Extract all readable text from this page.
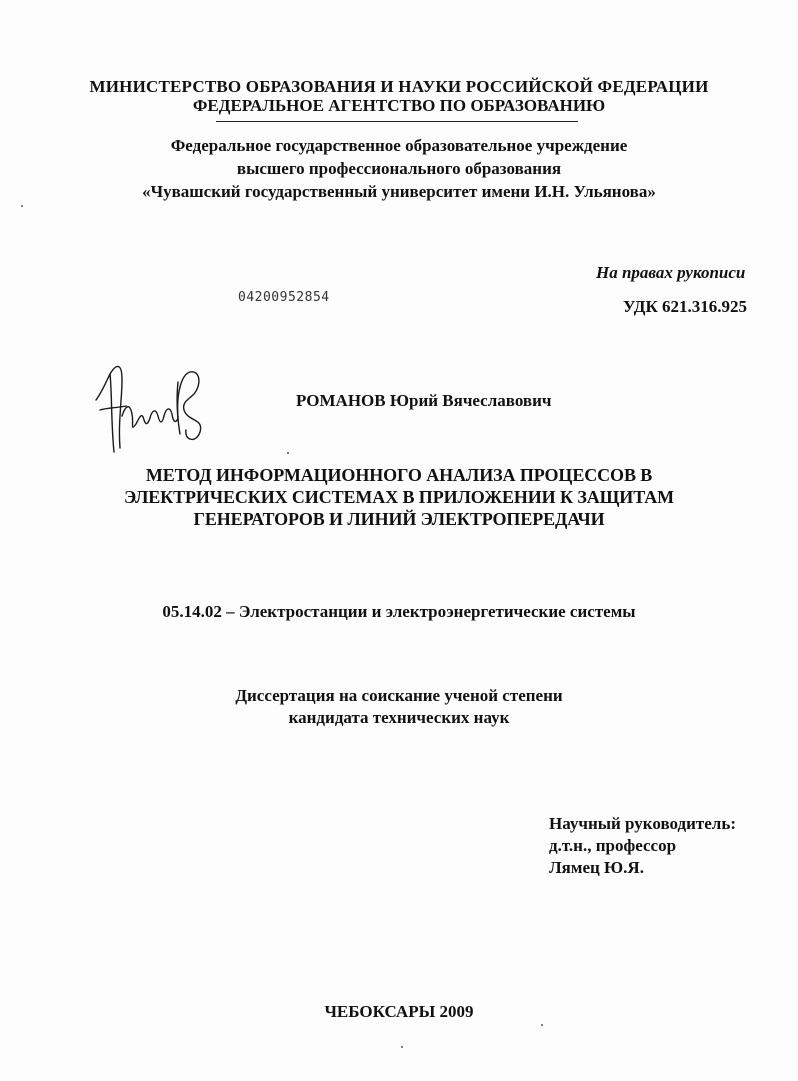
МИНИСТЕРСТВО ОБРАЗОВАНИЯ И НАУКИ РОССИЙСКОЙ ФЕДЕРАЦИИ
ФЕДЕРАЛЬНОЕ АГЕНТСТВО ПО ОБРАЗОВАНИЮ
Федеральное государственное образовательное учреждение
высшего профессионального образования
«Чувашский государственный университет имени И.Н. Ульянова»
На правах рукописи
04200952854	УДК 621.316.925
РОМАНОВ Юрий Вячеславович
МЕТОД ИНФОРМАЦИОННОГО АНАЛИЗА ПРОЦЕССОВ В
ЭЛЕКТРИЧЕСКИХ СИСТЕМАХ В ПРИЛОЖЕНИИ К ЗАЩИТАМ
ГЕНЕРАТОРОВ И ЛИНИЙ ЭЛЕКТРОПЕРЕДАЧИ
05.14.02 – Электростанции и электроэнергетические системы
Диссертация на соискание ученой степени
кандидата технических наук
Научный руководитель:
д.т.н., профессор
Лямец Ю.Я.
ЧЕБОКСАРЫ 2009
